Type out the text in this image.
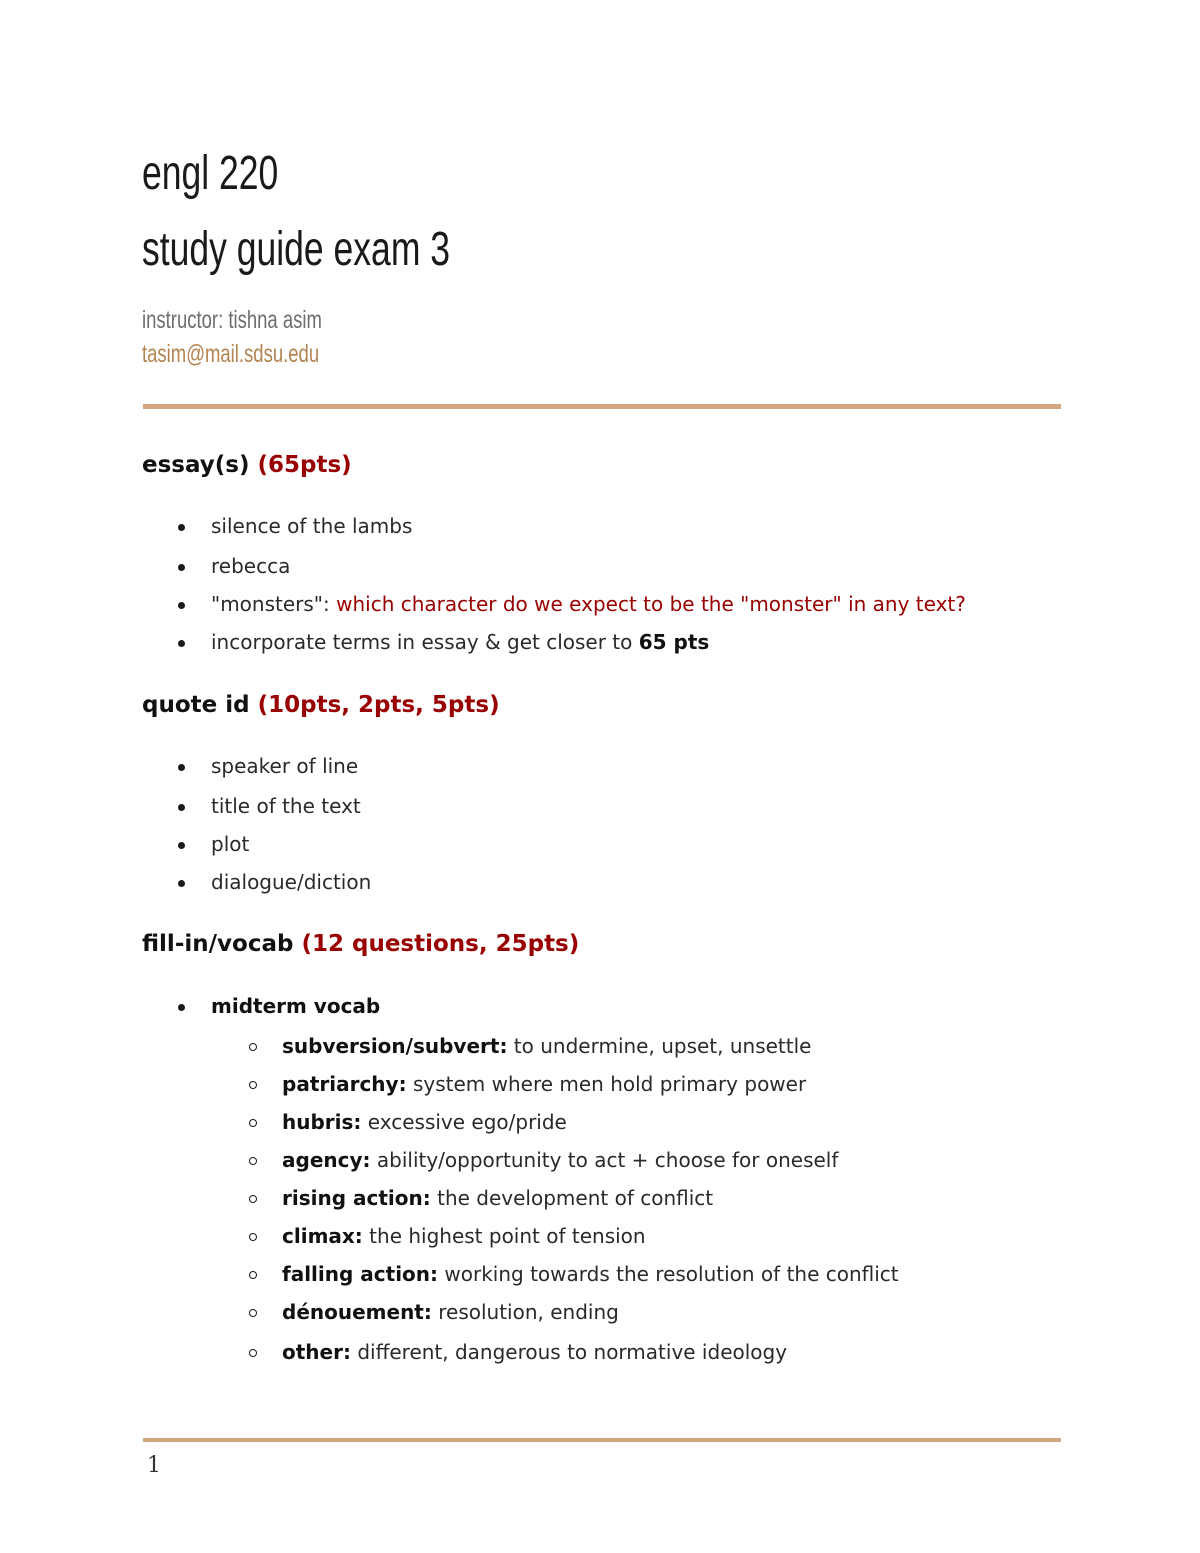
engl 220
study guide exam 3
instructor: tishna asim
tasim@mail.sdsu.edu
essay(s) (65pts)
silence of the lambs
rebecca
"monsters": which character do we expect to be the "monster" in any text?
incorporate terms in essay & get closer to 65 pts
quote id (10pts, 2pts, 5pts)
speaker of line
title of the text
plot
dialogue/diction
fill-in/vocab (12 questions, 25pts)
midterm vocab
subversion/subvert: to undermine, upset, unsettle
patriarchy: system where men hold primary power
hubris: excessive ego/pride
agency: ability/opportunity to act + choose for oneself
rising action: the development of conflict
climax: the highest point of tension
falling action: working towards the resolution of the conflict
dénouement: resolution, ending
other: different, dangerous to normative ideology
1
